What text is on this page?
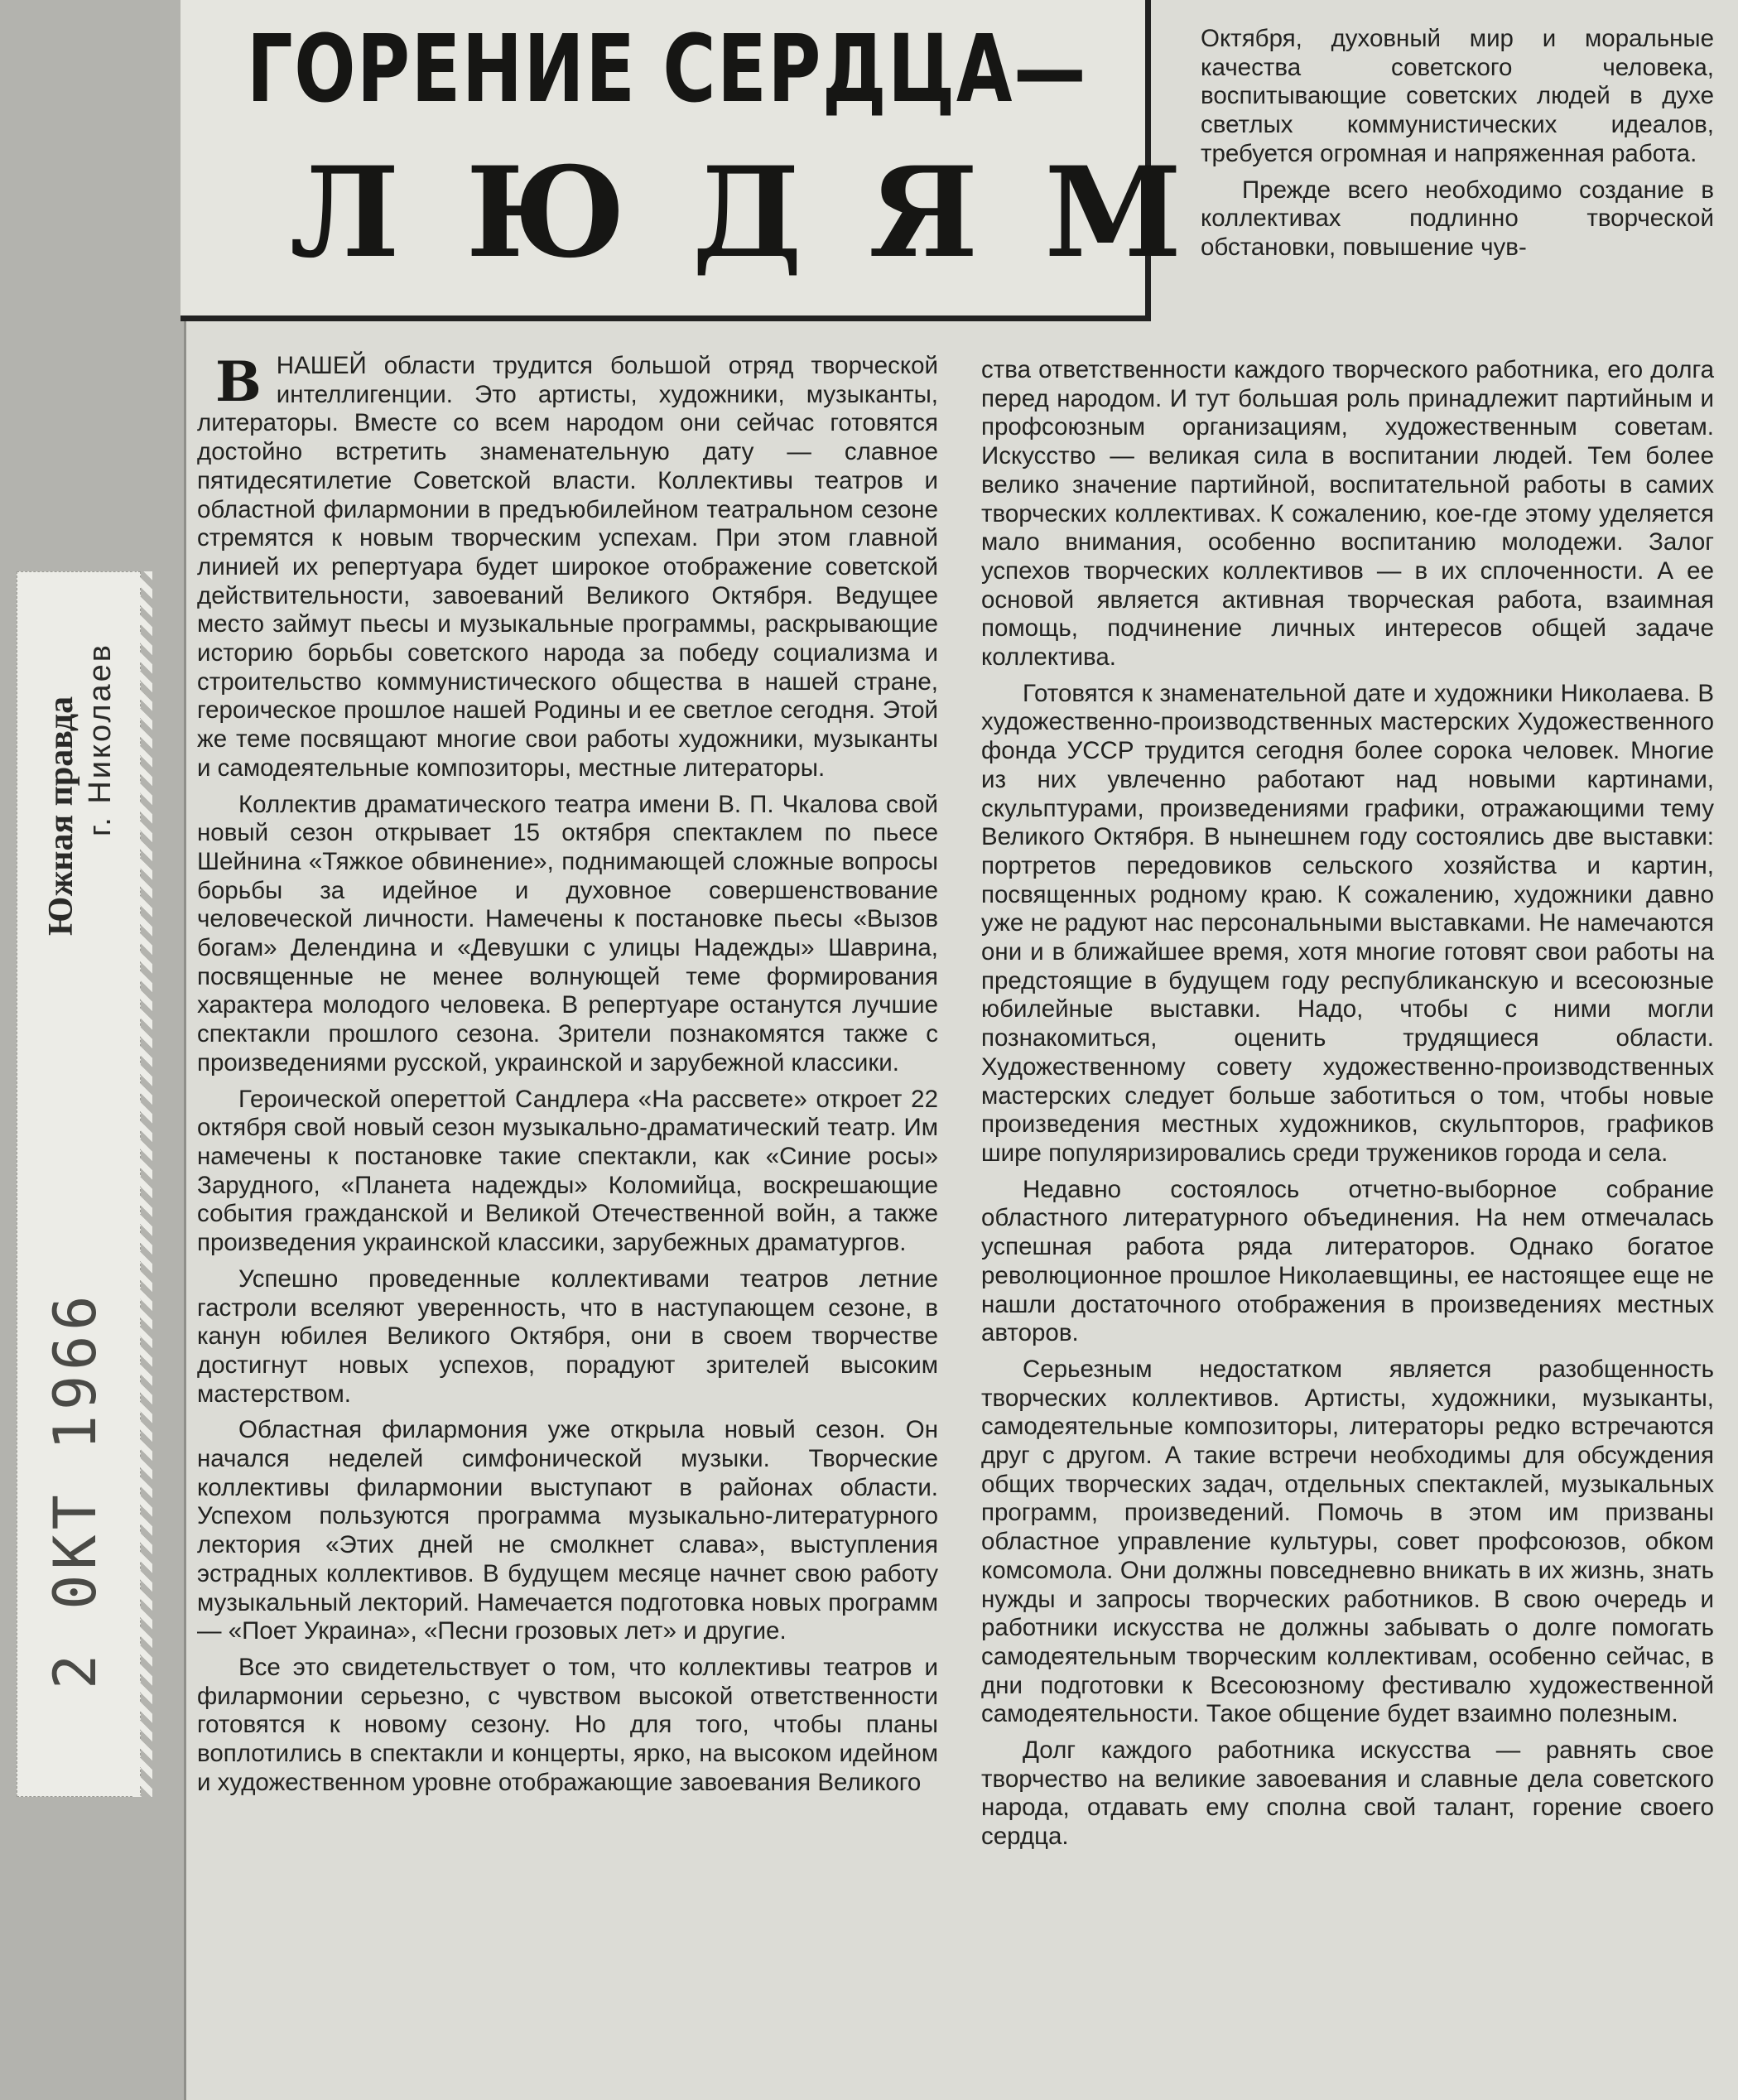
Южная правда г. Николаев
2 0КТ 1966
ГОРЕНИЕ СЕРДЦА—
ЛЮДЯМ

ВНАШЕЙ области трудится большой отряд творческой интеллигенции. Это артисты, художники, музыканты, литераторы. Вместе со всем народом они сейчас готовятся достойно встретить знаменательную дату — славное пятидесятилетие Советской власти. Коллективы театров и областной филармонии в предъюбилейном театральном сезоне стремятся к новым творческим успехам. При этом главной линией их репертуара будет широкое отображение советской действительности, завоеваний Великого Октября. Ведущее место займут пьесы и музыкальные программы, раскрывающие историю борьбы советского народа за победу социализма и строительство коммунистического общества в нашей стране, героическое прошлое нашей Родины и ее светлое сегодня. Этой же теме посвящают многие свои работы художники, музыканты и самодеятельные композиторы, местные литераторы.

Коллектив драматического театра имени В. П. Чкалова свой новый сезон открывает 15 октября спектаклем по пьесе Шейнина «Тяжкое обвинение», поднимающей сложные вопросы борьбы за идейное и духовное совершенствование человеческой личности. Намечены к постановке пьесы «Вызов богам» Делендина и «Девушки с улицы Надежды» Шаврина, посвященные не менее волнующей теме формирования характера молодого человека. В репертуаре останутся лучшие спектакли прошлого сезона. Зрители познакомятся также с произведениями русской, украинской и зарубежной классики.

Героической опереттой Сандлера «На рассвете» откроет 22 октября свой новый сезон музыкально-драматический театр. Им намечены к постановке такие спектакли, как «Синие росы» Зарудного, «Планета надежды» Коломийца, воскрешающие события гражданской и Великой Отечественной войн, а также произведения украинской классики, зарубежных драматургов.

Успешно проведенные коллективами театров летние гастроли вселяют уверенность, что в наступающем сезоне, в канун юбилея Великого Октября, они в своем творчестве достигнут новых успехов, порадуют зрителей высоким мастерством.

Областная филармония уже открыла новый сезон. Он начался неделей симфонической музыки. Творческие коллективы филармонии выступают в районах области. Успехом пользуются программа музыкально-литературного лектория «Этих дней не смолкнет слава», выступления эстрадных коллективов. В будущем месяце начнет свою работу музыкальный лекторий. Намечается подготовка новых программ — «Поет Украина», «Песни грозовых лет» и другие.

Все это свидетельствует о том, что коллективы театров и филармонии серьезно, с чувством высокой ответственности готовятся к новому сезону. Но для того, чтобы планы воплотились в спектакли и концерты, ярко, на высоком идейном и художественном уровне отображающие завоевания Великого

Октября, духовный мир и моральные качества советского человека, воспитывающие советских людей в духе светлых коммунистических идеалов, требуется огромная и напряженная работа.

Прежде всего необходимо создание в коллективах подлинно творческой обстановки, повышение чув-

ства ответственности каждого творческого работника, его долга перед народом. И тут большая роль принадлежит партийным и профсоюзным организациям, художественным советам. Искусство — великая сила в воспитании людей. Тем более велико значение партийной, воспитательной работы в самих творческих коллективах. К сожалению, кое-где этому уделяется мало внимания, особенно воспитанию молодежи. Залог успехов творческих коллективов — в их сплоченности. А ее основой является активная творческая работа, взаимная помощь, подчинение личных интересов общей задаче коллектива.

Готовятся к знаменательной дате и художники Николаева. В художественно-производственных мастерских Художественного фонда УССР трудится сегодня более сорока человек. Многие из них увлеченно работают над новыми картинами, скульптурами, произведениями графики, отражающими тему Великого Октября. В нынешнем году состоялись две выставки: портретов передовиков сельского хозяйства и картин, посвященных родному краю. К сожалению, художники давно уже не радуют нас персональными выставками. Не намечаются они и в ближайшее время, хотя многие готовят свои работы на предстоящие в будущем году республиканскую и всесоюзные юбилейные выставки. Надо, чтобы с ними могли познакомиться, оценить трудящиеся области. Художественному совету художественно-производственных мастерских следует больше заботиться о том, чтобы новые произведения местных художников, скульпторов, графиков шире популяризировались среди тружеников города и села.

Недавно состоялось отчетно-выборное собрание областного литературного объединения. На нем отмечалась успешная работа ряда литераторов. Однако богатое революционное прошлое Николаевщины, ее настоящее еще не нашли достаточного отображения в произведениях местных авторов.

Серьезным недостатком является разобщенность творческих коллективов. Артисты, художники, музыканты, самодеятельные композиторы, литераторы редко встречаются друг с другом. А такие встречи необходимы для обсуждения общих творческих задач, отдельных спектаклей, музыкальных программ, произведений. Помочь в этом им призваны областное управление культуры, совет профсоюзов, обком комсомола. Они должны повседневно вникать в их жизнь, знать нужды и запросы творческих работников. В свою очередь и работники искусства не должны забывать о долге помогать самодеятельным творческим коллективам, особенно сейчас, в дни подготовки к Всесоюзному фестивалю художественной самодеятельности. Такое общение будет взаимно полезным.

Долг каждого работника искусства — равнять свое творчество на великие завоевания и славные дела советского народа, отдавать ему сполна свой талант, горение своего сердца.
